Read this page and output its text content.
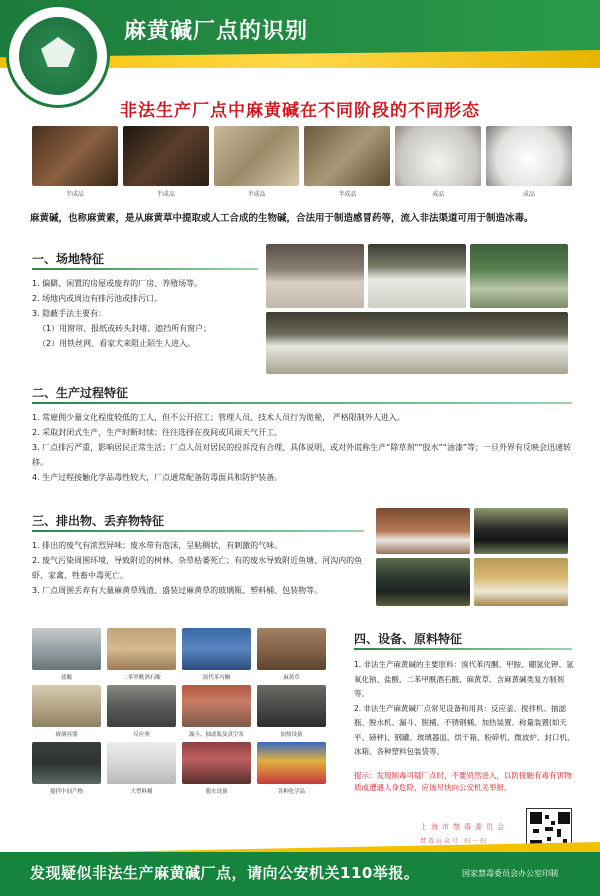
麻黄碱厂点的识别
非法生产厂点中麻黄碱在不同阶段的不同形态
半成品	半成品	半成品	半成品	成品	成品
麻黄碱，也称麻黄素，是从麻黄草中提取或人工合成的生物碱，合法用于制造感冒药等，流入非法渠道可用于制造冰毒。
一、场地特征
1. 偏僻、闲置的房屋或废弃的厂房、养殖场等。
2. 场地内或周边有排污池或排污口。
3. 隐蔽手法主要有：
（1）用窗帘、报纸或砖头封堵、遮挡所有窗户；
（2）用铁丝网、看家犬来阻止陌生人进入。
二、生产过程特征
1. 常雇佣少量文化程度较低的工人，但不公开招工；管理人员、技术人员行为诡秘， 严格限制外人进入。
2. 采取封闭式生产，生产时断时续；往往选择在夜间或风雨天气开工。
3. 厂点排污严重，影响居民正常生活；厂点人员对居民的投诉没有合理、具体说明，或对外谎称生产“除草剂”“胶水”“油漆”等；一旦外界有反映会迅速转移。
4. 生产过程接触化学品毒性较大，厂点通常配备防毒面具和防护装备。
三、排出物、丢弃物特征
1. 排出的废气有浓烈异味；废水带有泡沫，呈粘稠状，有刺激的气味。
2. 废气污染周围环境，导致附近的树林、杂草枯萎死亡；有的废水导致附近鱼塘、河沟内的鱼虾、家禽、牲畜中毒死亡。
3. 厂点周围丢弃有大量麻黄草残渣、盛装过麻黄草的玻璃瓶、塑料桶、包装物等。
盐酸	二苯甲酰酒石酸	溴代苯丙酮	麻黄草
玻璃容器	反应釜	漏斗、抽滤瓶及真空泵	加热设备
搅拌中间产物	大塑料桶	脱水设备	各种化学品
四、设备、原料特征
1. 非法生产麻黄碱的主要原料：溴代苯丙酮、甲胺、硼氢化钾、氢氧化钠、盐酸、二苯甲酰酒石酸、麻黄草、含麻黄碱类复方制剂等。
2. 非法生产麻黄碱厂点常见设备和用具：反应釜、搅拌机、抽滤瓶、脱水机、漏斗、脱桶、不锈钢桶、加热装置、称量装置(如天平、磅秤)、钢罐、玻璃器皿、烘干箱、粉碎机、微波炉、封口机、冰箱、各种塑料包装袋等。
提示：发现制毒可疑厂点时，不要贸然进入，以防接触有毒有害物质或遭遇人身危险，应该尽快向公安机关举报。
上海市禁毒委员会
禁毒公众号 扫一扫
发现疑似非法生产麻黄碱厂点，请向公安机关110举报。	国家禁毒委员会办公室印制
